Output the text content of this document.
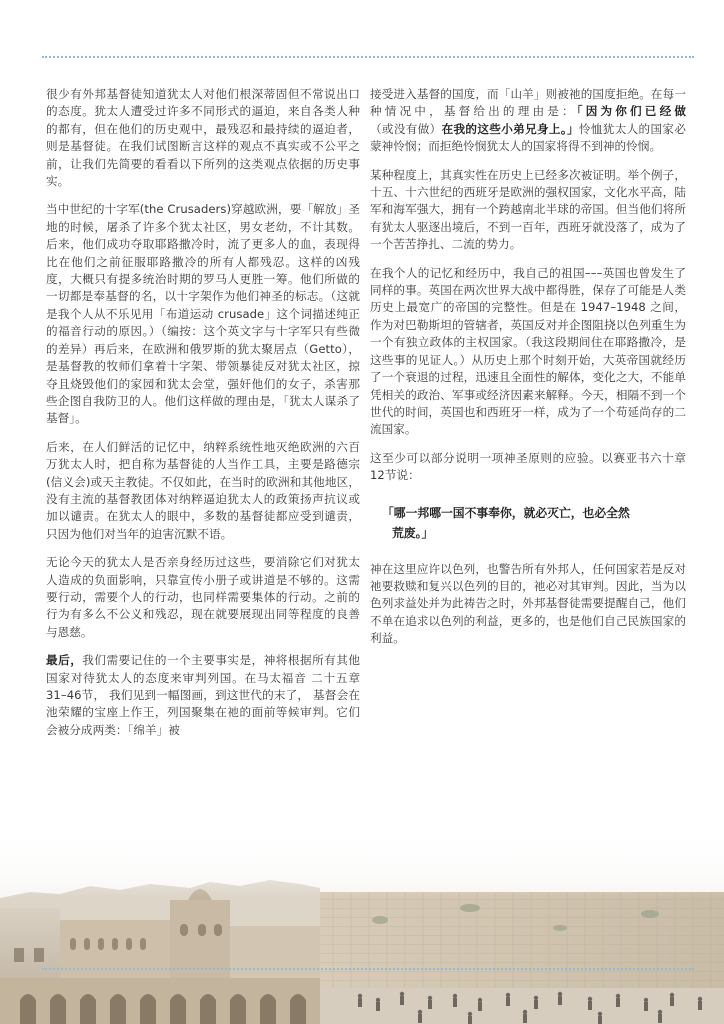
很少有外邦基督徒知道犹太人对他们根深蒂固但不常说出口的态度。犹太人遭受过许多不同形式的逼迫，来自各类人种的都有，但在他们的历史观中，最残忍和最持续的逼迫者，则是基督徒。在我们试图断言这样的观点不真实或不公平之前，让我们先简要的看看以下所列的这类观点依据的历史事实。

当中世纪的十字军(the Crusaders)穿越欧洲，要「解放」圣地的时候，屠杀了许多个犹太社区，男女老幼，不计其数。后来，他们成功夺取耶路撒冷时，流了更多人的血，表现得比在他们之前征服耶路撒冷的所有人都残忍。这样的凶残度，大概只有提多统治时期的罗马人更胜一筹。他们所做的一切都是奉基督的名，以十字架作为他们神圣的标志。（这就是我个人从不乐见用「布道运动 crusade」这个词描述纯正的福音行动的原因。）（编按：这个英文字与十字军只有些微的差异）再后来，在欧洲和俄罗斯的犹太聚居点（Getto），是基督教的牧师们拿着十字架、带领暴徒反对犹太社区，掠夺且烧毁他们的家园和犹太会堂，强奸他们的女子，杀害那些企图自我防卫的人。他们这样做的理由是，「犹太人谋杀了基督」。

后来，在人们鲜活的记忆中，纳粹系统性地灭绝欧洲的六百万犹太人时，把自称为基督徒的人当作工具，主要是路德宗(信义会)或天主教徒。不仅如此，在当时的欧洲和其他地区，没有主流的基督教团体对纳粹逼迫犹太人的政策扬声抗议或加以谴责。在犹太人的眼中，多数的基督徒都应受到谴责，只因为他们对当年的迫害沉默不语。

无论今天的犹太人是否亲身经历过这些，要消除它们对犹太人造成的负面影响，只靠宣传小册子或讲道是不够的。这需要行动，需要个人的行动，也同样需要集体的行动。之前的行为有多么不公义和残忍，现在就要展现出同等程度的良善与恩慈。

最后，我们需要记住的一个主要事实是，神将根据所有其他国家对待犹太人的态度来审判列国。在马太福音 二十五章31–46节， 我们见到一幅图画，到这世代的末了， 基督会在池荣耀的宝座上作王，列国聚集在祂的面前等候审判。它们会被分成两类：「绵羊」被

接受进入基督的国度，而「山羊」则被祂的国度拒绝。在每一种情况中，基督给出的理由是：「因为你们已经做（或没有做）在我的这些小弟兄身上。」怜恤犹太人的国家必蒙神怜悯；而拒绝怜悯犹太人的国家将得不到神的怜悯。

某种程度上，其真实性在历史上已经多次被证明。举个例子，十五、十六世纪的西班牙是欧洲的强权国家，文化水平高，陆军和海军强大，拥有一个跨越南北半球的帝国。但当他们将所有犹太人驱逐出境后，不到一百年，西班牙就没落了，成为了一个苦苦挣扎、二流的势力。

在我个人的记忆和经历中，我自己的祖国–––英国也曾发生了同样的事。英国在两次世界大战中都得胜，保存了可能是人类历史上最宽广的帝国的完整性。但是在 1947–1948 之间，作为对巴勒斯坦的管辖者，英国反对并企图阻挠以色列重生为一个有独立政体的主权国家。（我这段期间住在耶路撒冷，是这些事的见证人。）从历史上那个时刻开始，大英帝国就经历了一个衰退的过程，迅速且全面性的解体，变化之大，不能单凭相关的政治、军事或经济因素来解释。今天，相隔不到一个世代的时间，英国也和西班牙一样，成为了一个苟延尚存的二流国家。

这至少可以部分说明一项神圣原则的应验。以赛亚书六十章12节说：

「哪一邦哪一国不事奉你，就必灭亡，也必全然
荒废。」

神在这里应许以色列，也警告所有外邦人，任何国家若是反对祂要救赎和复兴以色列的目的，祂必对其审判。因此，当为以色列求益处并为此祷告之时，外邦基督徒需要提醒自己，他们不单在追求以色列的利益，更多的，也是他们自己民族国家的利益。
